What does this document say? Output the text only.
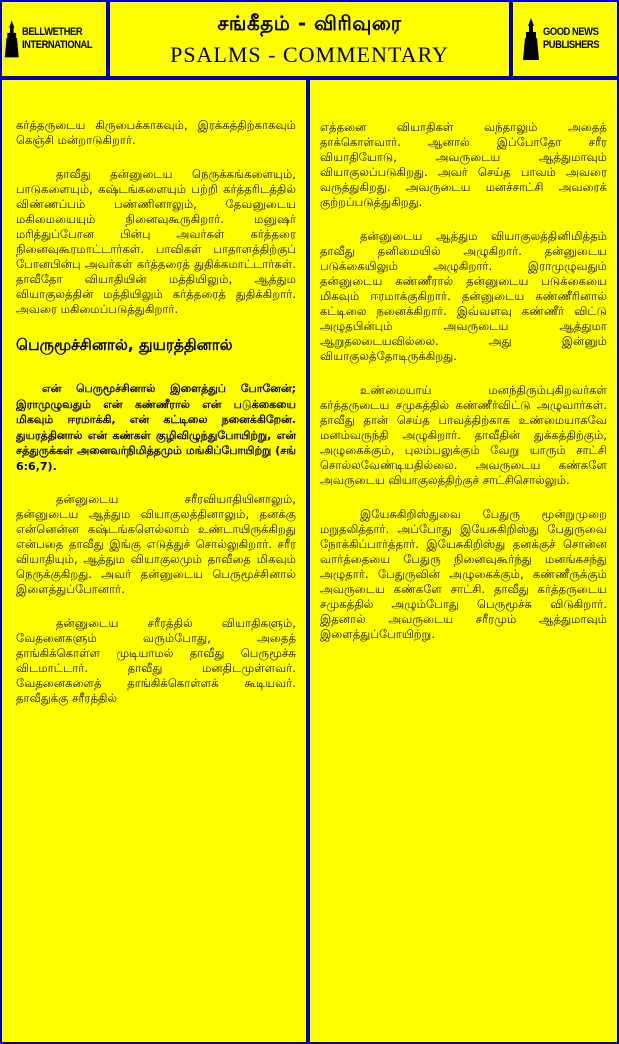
BELLWETHER
INTERNATIONAL
சங்கீதம் - விரிவுரை
PSALMS - COMMENTARY
GOOD NEWS
PUBLISHERS

கர்த்தருடைய கிருபைக்காகவும், இரக்கத்திற்காகவும் கெஞ்சி மன்றாடுகிறார்.

தாவீது தன்னுடைய நெருக்கங்களையும், பாடுகளையும், கஷ்டங்களையும் பற்றி கர்த்தரிடத்தில் விண்ணப்பம் பண்ணினாலும், தேவனுடைய மகிமையையும் நினைவுகூருகிறார். மனுஷர் மரித்துப்போன பின்பு அவர்கள் கர்த்தரை நினைவுகூரமாட்டார்கள். பாவிகள் பாதாளத்திற்குப் போனபின்பு அவர்கள் கர்த்தரைத் துதிக்கமாட்டார்கள். தாவீதோ வியாதியின் மத்தியிலும், ஆத்தும வியாகுலத்தின் மத்தியிலும் கர்த்தரைத் துதிக்கிறார். அவரை மகிமைப்படுத்துகிறார்.

பெருமூச்சினால், துயரத்தினால்

என் பெருமூச்சினால் இளைத்துப் போனேன்; இராமுழுவதும் என் கண்ணீரால் என் படுக்கையை மிகவும் ஈரமாக்கி, என் கட்டிலை நனைக்கிறேன். துயரத்தினால் என் கண்கள் குழிவிழுந்துபோயிற்று, என் சத்துருக்கள் அனைவர்நிமித்தமும் மங்கிப்போயிற்று (சங் 6:6,7).

தன்னுடைய சரீரவியாதியினாலும், தன்னுடைய ஆத்தும வியாகுலத்தினாலும், தனக்கு என்னென்ன கஷ்டங்களெல்லாம் உண்டாயிருக்கிறது என்பதை தாவீது இங்கு எடுத்துச் சொல்லுகிறார். சரீர வியாதியும், ஆத்தும வியாகுலமும் தாவீதை மிகவும் நெருக்குகிறது. அவர் தன்னுடைய பெருமூச்சினால் இளைத்துப்போனார்.

தன்னுடைய சரீரத்தில் வியாதிகளும், வேதனைகளும் வரும்போது, அதைத் தாங்கிக்கொள்ள முடியாமல் தாவீது பெருமூச்சு விடமாட்டார். தாவீது மனதிடமுள்ளவர். வேதனைகளைத் தாங்கிக்கொள்ளக் கூடியவர். தாவீதுக்கு சரீரத்தில்

எத்தனை வியாதிகள் வந்தாலும் அதைத் தாக்கொள்வார். ஆனால் இப்போதோ சரீர வியாதியோடு, அவருடைய ஆத்துமாவும் வியாகுலப்படுகிறது. அவர் செய்த பாவம் அவரை வருத்துகிறது. அவருடைய மனச்சாட்சி அவரைக் குற்றப்படுத்துகிறது.

தன்னுடைய ஆத்தும வியாகுலத்தினிமித்தம் தாவீது தனிமையில் அழுகிறார். தன்னுடைய படுக்கையிலும் அழுகிறார். இராமுழுவதும் தன்னுடைய கண்ணீரால் தன்னுடைய படுக்கையை மிகவும் ஈரமாக்குகிறார். தன்னுடைய கண்ணீரினால் கட்டிலை நனைக்கிறார். இவ்வளவு கண்ணீர் விட்டு அழுதபின்பும் அவருடைய ஆத்துமா ஆறுதலடையவில்லை. அது இன்னும் வியாகுலத்தோடிருக்கிறது.

உண்மையாய் மனந்திரும்புகிறவர்கள் கர்த்தருடைய சமுகத்தில் கண்ணீர்விட்டு அழுவார்கள். தாவீது தான் செய்த பாவத்திற்காக உண்மையாகவே மனம்வருந்தி அழுகிறார். தாவீதின் துக்கத்திற்கும், அழுகைக்கும், புலம்பலுக்கும் வேறு யாரும் சாட்சி சொல்லவேண்டியதில்லை. அவருடைய கண்களே அவருடைய வியாகுலத்திற்குச் சாட்சிசொல்லும்.

இயேசுகிறிஸ்துவை பேதுரு மூன்றுமுறை மறுதலித்தார். அப்போது இயேசுகிறிஸ்து பேதுருவை நோக்கிப்பார்த்தார். இயேசுகிறிஸ்து தனக்குச் சொன்ன வார்த்தையை பேதுரு நினைவுகூர்ந்து மனங்கசந்து அழுதார். பேதுருவின் அழுகைக்கும், கண்ணீருக்கும் அவருடைய கண்களே சாட்சி. தாவீது கர்த்தருடைய சமுகத்தில் அழும்போது பெருமூச்சு விடுகிறார். இதனால் அவருடைய சரீரமும் ஆத்துமாவும் இளைத்துப்போயிற்று.
